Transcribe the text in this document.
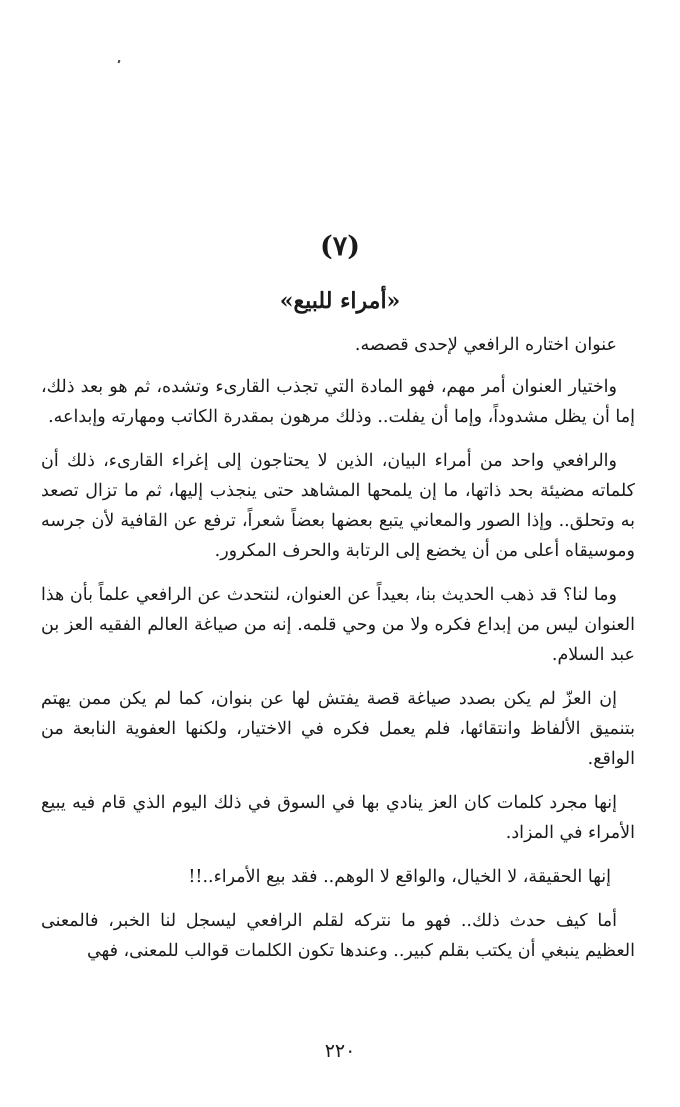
(٧)
«أمراء للبيع»

عنوان اختاره الرافعي لإحدى قصصه.

واختيار العنوان أمر مهم، فهو المادة التي تجذب القارىء وتشده، ثم هو بعد ذلك، إما أن يظل مشدوداً، وإما أن يفلت.. وذلك مرهون بمقدرة الكاتب ومهارته وإبداعه.

والرافعي واحد من أمراء البيان، الذين لا يحتاجون إلى إغراء القارىء، ذلك أن كلماته مضيئة بحد ذاتها، ما إن يلمحها المشاهد حتى ينجذب إليها، ثم ما تزال تصعد به وتحلق.. وإذا الصور والمعاني يتبع بعضها بعضاً شعراً، ترفع عن القافية لأن جرسه وموسيقاه أعلى من أن يخضع إلى الرتابة والحرف المكرور.

وما لنا؟ قد ذهب الحديث بنا، بعيداً عن العنوان، لنتحدث عن الرافعي علماً بأن هذا العنوان ليس من إبداع فكره ولا من وحي قلمه. إنه من صياغة العالم الفقيه العز بن عبد السلام.

إن العزّ لم يكن بصدد صياغة قصة يفتش لها عن بنوان، كما لم يكن ممن يهتم بتنميق الألفاظ وانتقائها، فلم يعمل فكره في الاختيار، ولكنها العفوية النابعة من الواقع.

إنها مجرد كلمات كان العز ينادي بها في السوق في ذلك اليوم الذي قام فيه يبيع الأمراء في المزاد.

إنها الحقيقة، لا الخيال، والواقع لا الوهم.. فقد بيع الأمراء..!!

أما كيف حدث ذلك.. فهو ما نتركه لقلم الرافعي ليسجل لنا الخبر، فالمعنى العظيم ينبغي أن يكتب بقلم كبير.. وعندها تكون الكلمات قوالب للمعنى، فهي

٢٢٠
